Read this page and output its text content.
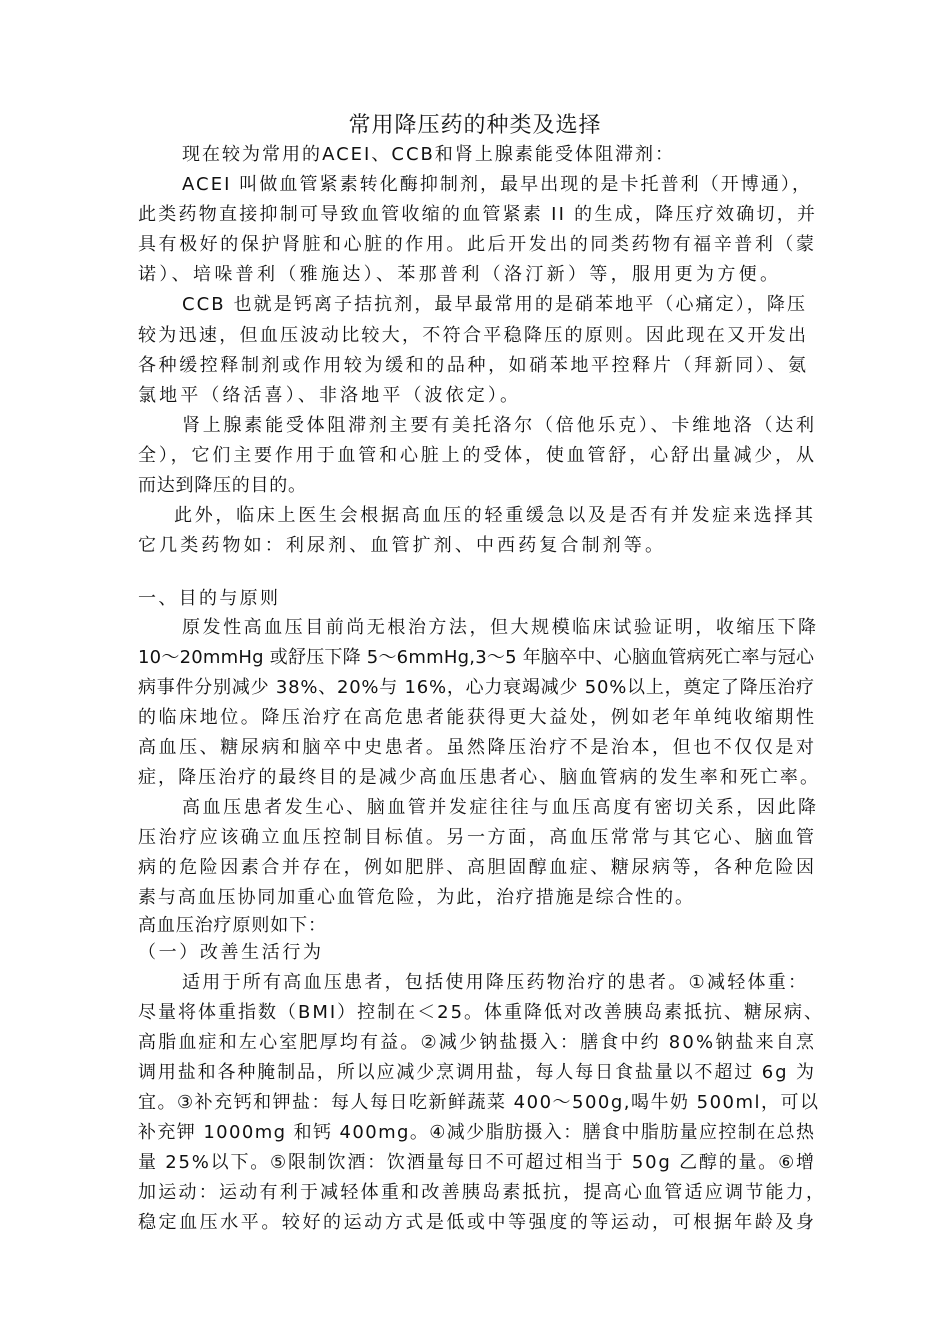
常用降压药的种类及选择
现在较为常用的ACEI、CCB和肾上腺素能受体阻滞剂：
ACEI 叫做血管紧素转化酶抑制剂，最早出现的是卡托普利（开博通），
此类药物直接抑制可导致血管收缩的血管紧素 II 的生成，降压疗效确切，并
具有极好的保护肾脏和心脏的作用。此后开发出的同类药物有福辛普利（蒙
诺）、培哚普利（雅施达）、苯那普利（洛汀新）等，服用更为方便。
CCB 也就是钙离子拮抗剂，最早最常用的是硝苯地平（心痛定），降压
较为迅速，但血压波动比较大，不符合平稳降压的原则。因此现在又开发出
各种缓控释制剂或作用较为缓和的品种，如硝苯地平控释片（拜新同）、氨
氯地平（络活喜）、非洛地平（波依定）。
肾上腺素能受体阻滞剂主要有美托洛尔（倍他乐克）、卡维地洛（达利
全），它们主要作用于血管和心脏上的受体，使血管舒，心舒出量减少，从
而达到降压的目的。
此外，临床上医生会根据高血压的轻重缓急以及是否有并发症来选择其
它几类药物如：利尿剂、血管扩剂、中西药复合制剂等。
一、目的与原则
原发性高血压目前尚无根治方法，但大规模临床试验证明，收缩压下降
10～20mmHg 或舒压下降 5～6mmHg,3～5 年脑卒中、心脑血管病死亡率与冠心
病事件分别减少 38%、20%与 16%，心力衰竭减少 50%以上，奠定了降压治疗
的临床地位。降压治疗在高危患者能获得更大益处，例如老年单纯收缩期性
高血压、糖尿病和脑卒中史患者。虽然降压治疗不是治本，但也不仅仅是对
症，降压治疗的最终目的是减少高血压患者心、脑血管病的发生率和死亡率。
高血压患者发生心、脑血管并发症往往与血压高度有密切关系，因此降
压治疗应该确立血压控制目标值。另一方面，高血压常常与其它心、脑血管
病的危险因素合并存在，例如肥胖、高胆固醇血症、糖尿病等，各种危险因
素与高血压协同加重心血管危险，为此，治疗措施是综合性的。
高血压治疗原则如下：
（一）改善生活行为
适用于所有高血压患者，包括使用降压药物治疗的患者。①减轻体重：
尽量将体重指数（BMI）控制在＜25。体重降低对改善胰岛素抵抗、糖尿病、
高脂血症和左心室肥厚均有益。②减少钠盐摄入：膳食中约 80%钠盐来自烹
调用盐和各种腌制品，所以应减少烹调用盐，每人每日食盐量以不超过 6g 为
宜。③补充钙和钾盐：每人每日吃新鲜蔬菜 400～500g,喝牛奶 500ml，可以
补充钾 1000mg 和钙 400mg。④减少脂肪摄入：膳食中脂肪量应控制在总热
量 25%以下。⑤限制饮酒：饮酒量每日不可超过相当于 50g 乙醇的量。⑥增
加运动：运动有利于减轻体重和改善胰岛素抵抗，提高心血管适应调节能力，
稳定血压水平。较好的运动方式是低或中等强度的等运动，可根据年龄及身
